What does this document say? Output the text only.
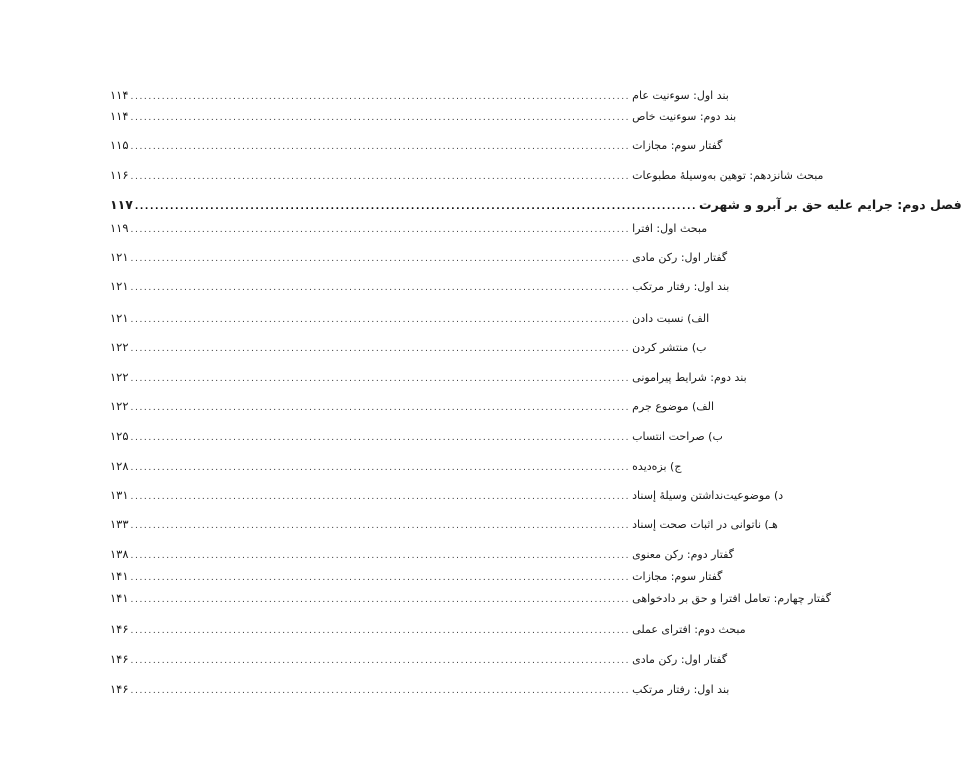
۱۱۴ ................................................................................................................ بند اول: سوءنیت عام
۱۱۴ ................................................................................................................ بند دوم: سوءنیت خاص
۱۱۵ ................................................................................................................ گفتار سوم: مجازات
۱۱۶ ................................................................................................................ مبحث شانزدهم: توهین به‌وسیلهٔ مطبوعات
۱۱۷ ................................................................................................................ فصل دوم: جرایم علیه حق بر آبرو و شهرت
۱۱۹ ................................................................................................................ مبحث اول: افترا
۱۲۱ ................................................................................................................ گفتار اول: رکن مادی
۱۲۱ ................................................................................................................ بند اول: رفتار مرتکب
۱۲۱ ................................................................................................................ الف) نسبت دادن
۱۲۲ ................................................................................................................ ب) منتشر کردن
۱۲۲ ................................................................................................................ بند دوم: شرایط پیرامونی
۱۲۲ ................................................................................................................ الف) موضوع جرم
۱۲۵ ................................................................................................................ ب) صراحت انتساب
۱۲۸ ................................................................................................................ ج) بزه‌دیده
۱۳۱ ................................................................................................................ د) موضوعیت‌نداشتن وسیلهٔ إسناد
۱۳۳ ................................................................................................................ هـ) ناتوانی در اثبات صحت إسناد
۱۳۸ ................................................................................................................ گفتار دوم: رکن معنوی
۱۴۱ ................................................................................................................ گفتار سوم: مجازات
۱۴۱ ................................................................................................................ گفتار چهارم: تعامل افترا و حق بر دادخواهی
۱۴۶ ................................................................................................................ مبحث دوم: افترای عملی
۱۴۶ ................................................................................................................ گفتار اول: رکن مادی
۱۴۶ ................................................................................................................ بند اول: رفتار مرتکب
